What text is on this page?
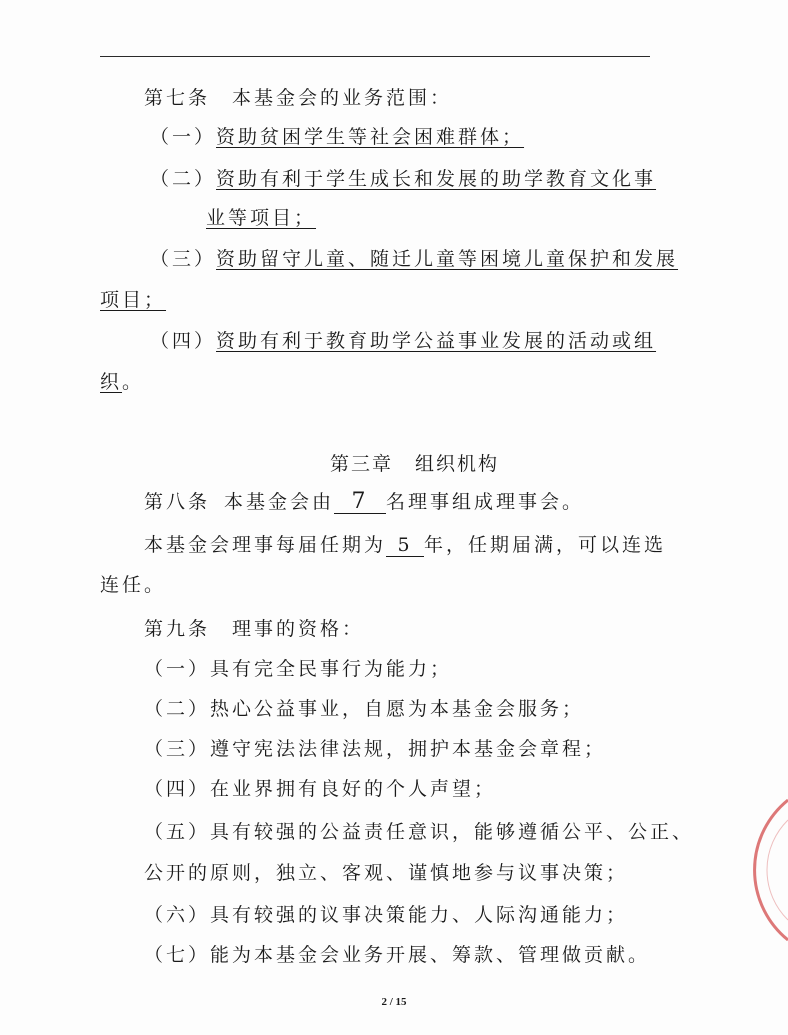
第七条 本基金会的业务范围：
（一）资助贫困学生等社会困难群体；
（二）资助有利于学生成长和发展的助学教育文化事
业等项目；
（三）资助留守儿童、随迁儿童等困境儿童保护和发展
项目；
（四）资助有利于教育助学公益事业发展的活动或组
织。
第三章 组织机构
第八条 本基金会由 7 名理事组成理事会。
本基金会理事每届任期为 5 年，任期届满，可以连选
连任。
第九条 理事的资格：
（一）具有完全民事行为能力；
（二）热心公益事业，自愿为本基金会服务；
（三）遵守宪法法律法规，拥护本基金会章程；
（四）在业界拥有良好的个人声望；
（五）具有较强的公益责任意识，能够遵循公平、公正、
公开的原则，独立、客观、谨慎地参与议事决策；
（六）具有较强的议事决策能力、人际沟通能力；
（七）能为本基金会业务开展、筹款、管理做贡献。
2 / 15
